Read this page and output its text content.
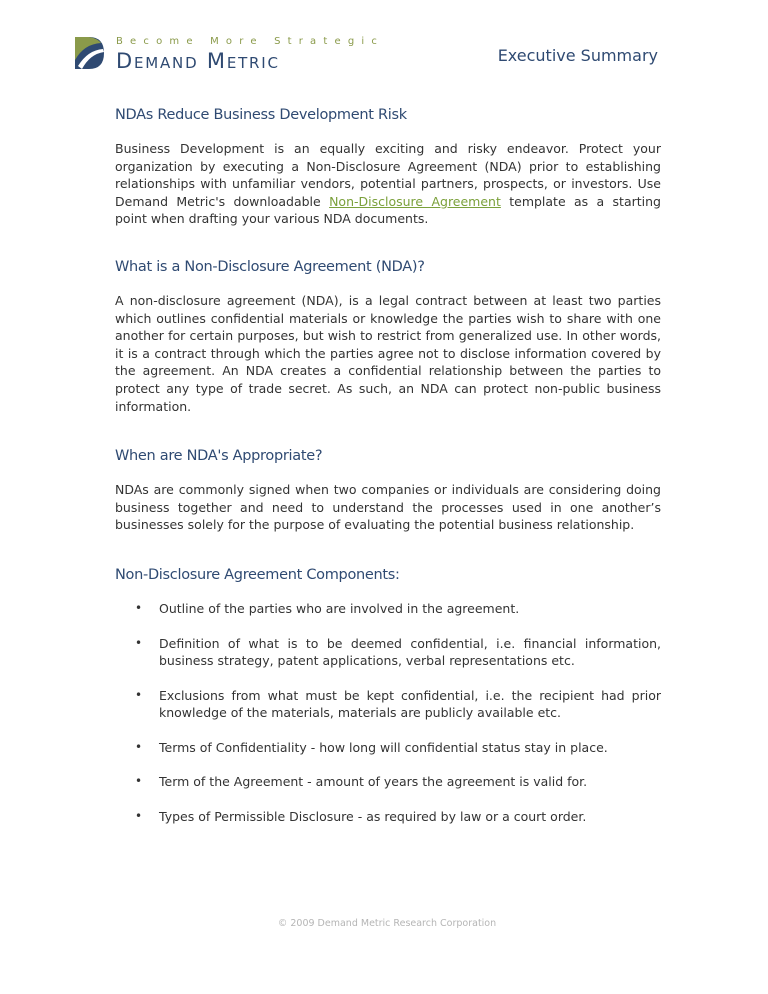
Become More Strategic
Demand Metric	Executive Summary
NDAs Reduce Business Development Risk

Business Development is an equally exciting and risky endeavor. Protect your organization by executing a Non-Disclosure Agreement (NDA) prior to establishing relationships with unfamiliar vendors, potential partners, prospects, or investors. Use Demand Metric's downloadable Non-Disclosure Agreement template as a starting point when drafting your various NDA documents.

What is a Non-Disclosure Agreement (NDA)?

A non-disclosure agreement (NDA), is a legal contract between at least two parties which outlines confidential materials or knowledge the parties wish to share with one another for certain purposes, but wish to restrict from generalized use. In other words, it is a contract through which the parties agree not to disclose information covered by the agreement. An NDA creates a confidential relationship between the parties to protect any type of trade secret. As such, an NDA can protect non-public business information.

When are NDA's Appropriate?

NDAs are commonly signed when two companies or individuals are considering doing business together and need to understand the processes used in one another’s businesses solely for the purpose of evaluating the potential business relationship.

Non-Disclosure Agreement Components:
• Outline of the parties who are involved in the agreement.
• Definition of what is to be deemed confidential, i.e. financial information, business strategy, patent applications, verbal representations etc.
• Exclusions from what must be kept confidential, i.e. the recipient had prior knowledge of the materials, materials are publicly available etc.
• Terms of Confidentiality - how long will confidential status stay in place.
• Term of the Agreement - amount of years the agreement is valid for.
• Types of Permissible Disclosure - as required by law or a court order.
© 2009 Demand Metric Research Corporation
